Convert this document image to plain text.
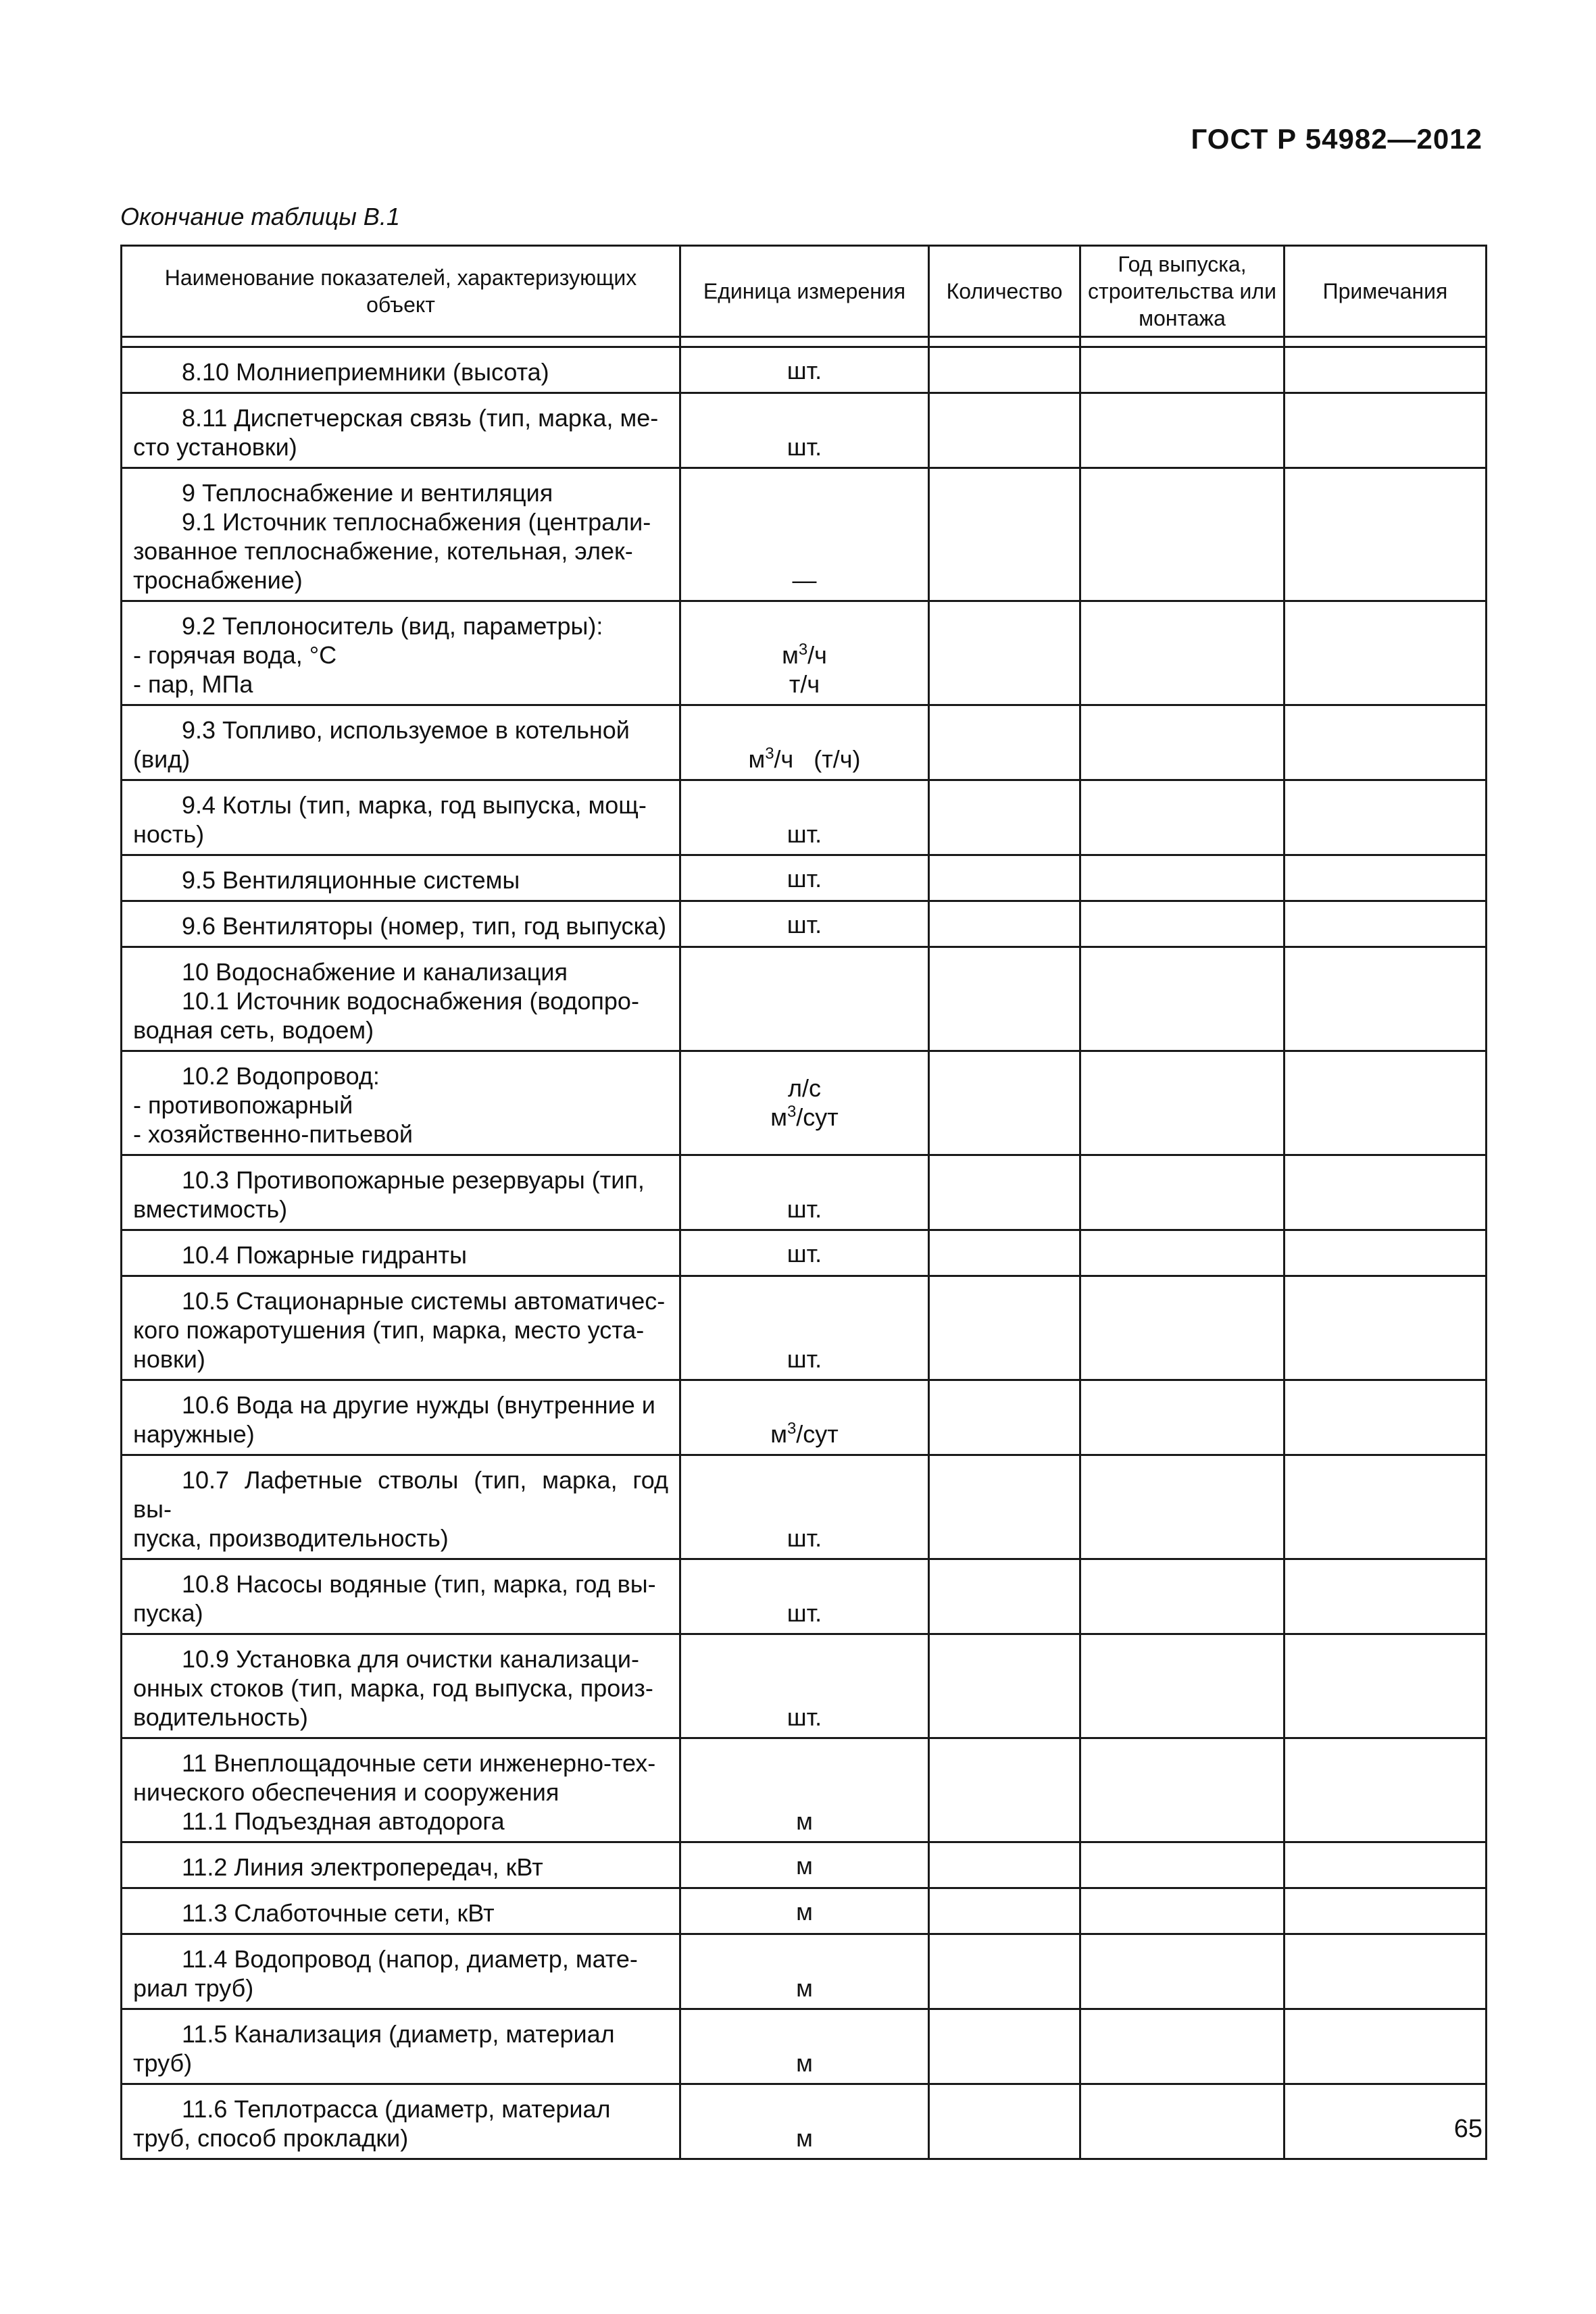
ГОСТ Р 54982—2012
Окончание таблицы В.1
Наименование показателей, характеризующих объект	Единица измерения	Количество	Год выпуска, строительства или монтажа	Примечания

8.10 Молниеприемники (высота)	шт.			

8.11 Диспетчерская связь (тип, марка, ме-
сто установки)	шт.			

9 Теплоснабжение и вентиляция
9.1 Источник теплоснабжения (централи-
зованное теплоснабжение, котельная, элек-
троснабжение)	—			

9.2 Теплоноситель (вид, параметры):
- горячая вода, °С
- пар, МПа	$м^3/ч$
т/ч			

9.3 Топливо, используемое в котельной
(вид)	$м^3/ч$   (т/ч)			

9.4 Котлы (тип, марка, год выпуска, мощ-
ность)	шт.			

9.5 Вентиляционные системы	шт.			

9.6 Вентиляторы (номер, тип, год выпуска)	шт.			

10 Водоснабжение и канализация
10.1 Источник водоснабжения (водопро-
водная сеть, водоем)				

10.2 Водопровод:
- противопожарный
- хозяйственно-питьевой	л/с
$м^3$/сут			

10.3 Противопожарные резервуары (тип,
вместимость)	шт.			

10.4 Пожарные гидранты	шт.			

10.5 Стационарные системы автоматичес-
кого пожаротушения (тип, марка, место уста-
новки)	шт.			

10.6 Вода на другие нужды (внутренние и
наружные)	$м^3$/сут			

10.7 Лафетные стволы (тип, марка, год вы-
пуска, производительность)	шт.			

10.8 Насосы водяные (тип, марка, год вы-
пуска)	шт.			

10.9 Установка для очистки канализаци-
онных стоков (тип, марка, год выпуска, произ-
водительность)	шт.			

11 Внеплощадочные сети инженерно-тех-
нического обеспечения и сооружения
11.1 Подъездная автодорога	м			

11.2 Линия электропередач, кВт	м			

11.3 Слаботочные сети, кВт	м			

11.4 Водопровод (напор, диаметр, мате-
риал труб)	м			

11.5 Канализация (диаметр, материал
труб)	м			

11.6 Теплотрасса (диаметр, материал
труб, способ прокладки)	м			
				65
